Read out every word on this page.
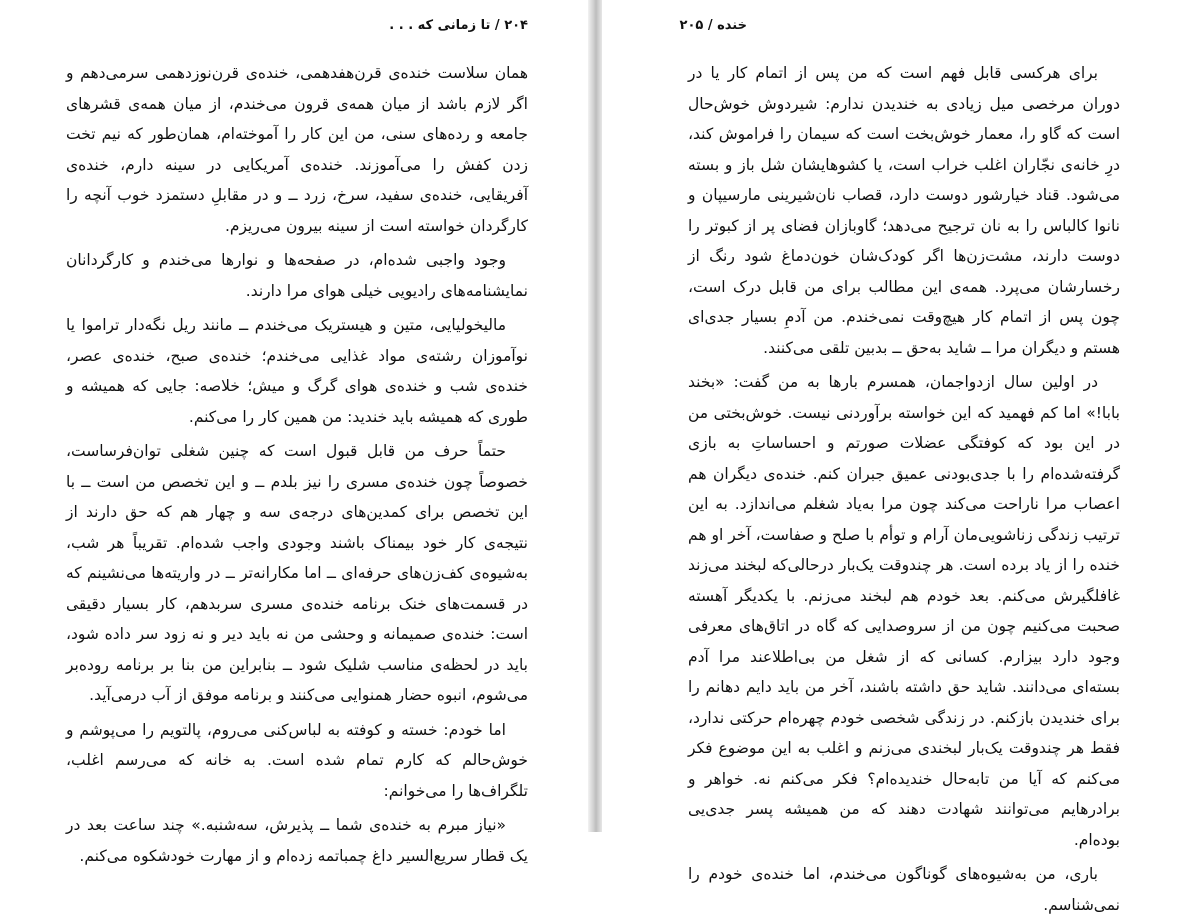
۲۰۴ / تا زمانی که . . .

همان سلاست خنده‌ی قرن‌هفدهمی، خنده‌ی قرن‌نوزدهمی سرمی‌دهم و اگر لازم باشد از میان همه‌ی قرون می‌خندم، از میان همه‌ی قشرهای جامعه و رده‌های سنی، من این کار را آموخته‌ام، همان‌طور که نیم تخت زدن کفش را می‌آموزند. خنده‌ی آمریکایی در سینه دارم، خنده‌ی آفریقایی، خنده‌ی سفید، سرخ، زرد ــ و در مقابلِ دستمزد خوب آنچه را کارگردان خواسته است از سینه بیرون می‌ریزم.

وجود واجبی شده‌ام، در صفحه‌ها و نوارها می‌خندم و کارگردانان نمایشنامه‌های رادیویی خیلی هوای مرا دارند.

مالیخولیایی، متین و هیستریک می‌خندم ــ مانند ریل نگه‌دار تراموا یا نوآموزان رشته‌ی مواد غذایی می‌خندم؛ خنده‌ی صبح، خنده‌ی عصر، خنده‌ی شب و خنده‌ی هوای گرگ و میش؛ خلاصه: جایی که همیشه و طوری که همیشه باید خندید: من همین کار را می‌کنم.

حتماً حرف من قابل قبول است که چنین شغلی توان‌فرساست، خصوصاً چون خنده‌ی مسری را نیز بلدم ــ و این تخصص من است ــ با این تخصص برای کمدین‌های درجه‌ی سه و چهار هم که حق دارند از نتیجه‌ی کار خود بیمناک باشند وجودی واجب شده‌ام. تقریباً هر شب، به‌شیوه‌ی کف‌زن‌های حرفه‌ای ــ اما مکارانه‌تر ــ در واریته‌ها می‌نشینم که در قسمت‌های خنک برنامه خنده‌ی مسری سربدهم، کار بسیار دقیقی است: خنده‌ی صمیمانه و وحشی من نه باید دیر و نه زود سر داده شود، باید در لحظه‌ی مناسب شلیک شود ــ بنابراین من بنا بر برنامه روده‌بر می‌شوم، انبوه حضار همنوایی می‌کنند و برنامه موفق از آب درمی‌آید.

اما خودم: خسته و کوفته به لباس‌کنی می‌روم، پالتویم را می‌پوشم و خوش‌حالم که کارم تمام شده است. به خانه که می‌رسم اغلب، تلگراف‌ها را می‌خوانم:

«نیاز مبرم به خنده‌ی شما ــ پذیرش، سه‌شنبه.» چند ساعت بعد در یک قطار سریع‌السیر داغ چمباتمه زده‌ام و از مهارت خودشکوه می‌کنم.

خنده / ۲۰۵

برای هرکسی قابل فهم است که من پس از اتمام کار یا در دوران مرخصی میل زیادی به خندیدن ندارم: شیردوش خوش‌حال است که گاو را، معمار خوش‌بخت است که سیمان را فراموش کند، درِ خانه‌ی نجّاران اغلب خراب است، یا کشوهایشان شل باز و بسته می‌شود. قناد خیارشور دوست دارد، قصاب نان‌شیرینی مارسیپان و نانوا کالباس را به نان ترجیح می‌دهد؛ گاوبازان فضای پر از کبوتر را دوست دارند، مشت‌زن‌ها اگر کودک‌شان خون‌دماغ شود رنگ از رخسارشان می‌پرد. همه‌ی این مطالب برای من قابل درک است، چون پس از اتمام کار هیچ‌وقت نمی‌خندم. من آدمِ بسیار جدی‌ای هستم و دیگران مرا ــ شاید به‌حق ــ بدبین تلقی می‌کنند.

در اولین سال ازدواجمان، همسرم بارها به من گفت: «بخند بابا!» اما کم فهمید که این خواسته برآوردنی نیست. خوش‌بختی من در این بود که کوفتگی عضلات صورتم و احساساتِ به بازی گرفته‌شده‌ام را با جدی‌بودنی عمیق جبران کنم. خنده‌ی دیگران هم اعصاب مرا ناراحت می‌کند چون مرا به‌یاد شغلم می‌اندازد. به این ترتیب زندگی زناشویی‌مان آرام و توأم با صلح و صفاست، آخر او هم خنده را از یاد برده است. هر چندوقت یک‌بار درحالی‌که لبخند می‌زند غافلگیرش می‌کنم. بعد خودم هم لبخند می‌زنم. با یکدیگر آهسته صحبت می‌کنیم چون من از سروصدایی که گاه در اتاق‌های معرفی وجود دارد بیزارم. کسانی که از شغل من بی‌اطلاعند مرا آدم بسته‌ای می‌دانند. شاید حق داشته باشند، آخر من باید دایم دهانم را برای خندیدن بازکنم. در زندگی شخصی خودم چهره‌ام حرکتی ندارد، فقط هر چندوقت یک‌بار لبخندی می‌زنم و اغلب به این موضوع فکر می‌کنم که آیا من تابه‌حال خندیده‌ام؟ فکر می‌کنم نه. خواهر و برادرهایم می‌توانند شهادت دهند که من همیشه پسر جدی‌یی بوده‌ام.

باری، من به‌شیوه‌های گوناگون می‌خندم، اما خنده‌ی خودم را نمی‌شناسم.
